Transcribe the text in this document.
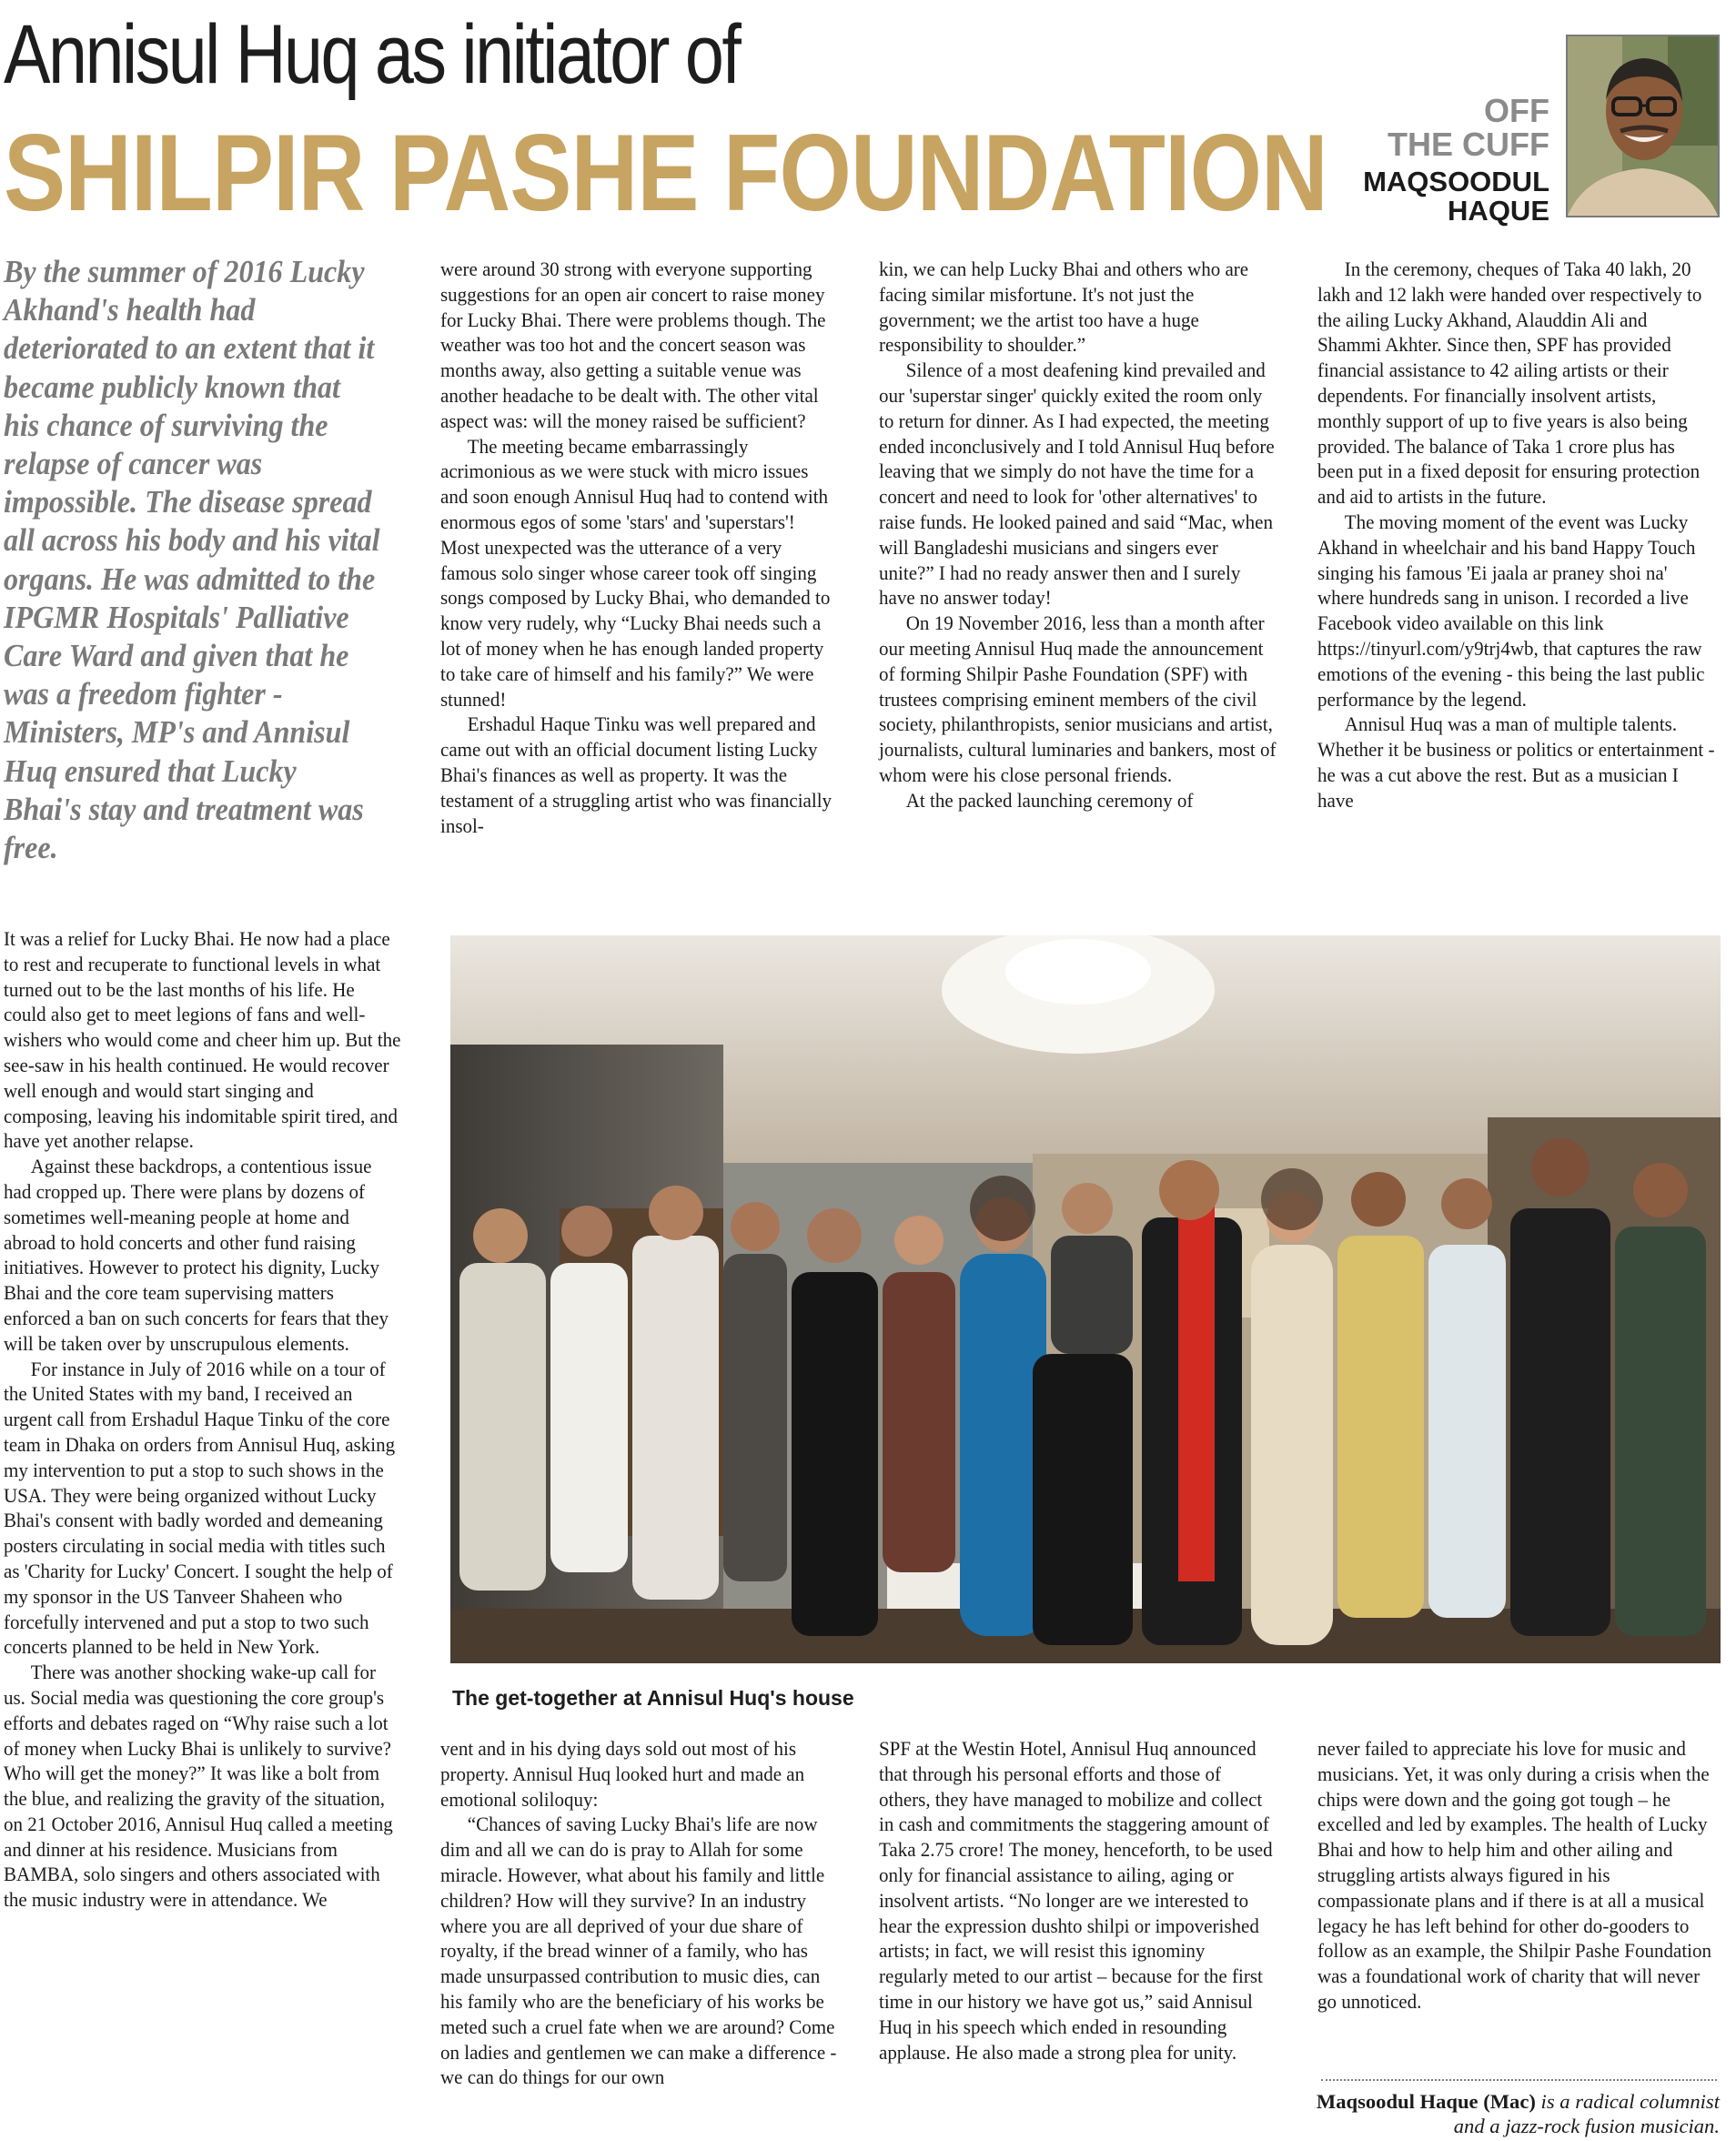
Annisul Huq as initiator of
SHILPIR PASHE FOUNDATION
OFF
THE CUFF
MAQSOODUL
HAQUE

By the summer of 2016 Lucky Akhand's health had deteriorated to an extent that it became publicly known that his chance of surviving the relapse of cancer was impossible. The disease spread all across his body and his vital organs. He was admitted to the IPGMR Hospitals' Palliative Care Ward and given that he was a freedom fighter - Ministers, MP's and Annisul Huq ensured that Lucky Bhai's stay and treatment was free.

It was a relief for Lucky Bhai. He now had a place to rest and recuperate to functional levels in what turned out to be the last months of his life. He could also get to meet legions of fans and well-wishers who would come and cheer him up. But the see-saw in his health continued. He would recover well enough and would start singing and composing, leaving his indomitable spirit tired, and have yet another relapse.

Against these backdrops, a contentious issue had cropped up. There were plans by dozens of sometimes well-meaning people at home and abroad to hold concerts and other fund raising initiatives. However to protect his dignity, Lucky Bhai and the core team supervising matters enforced a ban on such concerts for fears that they will be taken over by unscrupulous elements.

For instance in July of 2016 while on a tour of the United States with my band, I received an urgent call from Ershadul Haque Tinku of the core team in Dhaka on orders from Annisul Huq, asking my intervention to put a stop to such shows in the USA. They were being organized without Lucky Bhai's consent with badly worded and demeaning posters circulating in social media with titles such as 'Charity for Lucky' Concert. I sought the help of my sponsor in the US Tanveer Shaheen who forcefully intervened and put a stop to two such concerts planned to be held in New York.

There was another shocking wake-up call for us. Social media was questioning the core group's efforts and debates raged on “Why raise such a lot of money when Lucky Bhai is unlikely to survive? Who will get the money?” It was like a bolt from the blue, and realizing the gravity of the situation, on 21 October 2016, Annisul Huq called a meeting and dinner at his residence. Musicians from BAMBA, solo singers and others associated with the music industry were in attendance. We

were around 30 strong with everyone supporting suggestions for an open air concert to raise money for Lucky Bhai. There were problems though. The weather was too hot and the concert season was months away, also getting a suitable venue was another headache to be dealt with. The other vital aspect was: will the money raised be sufficient?

The meeting became embarrassingly acrimonious as we were stuck with micro issues and soon enough Annisul Huq had to contend with enormous egos of some 'stars' and 'superstars'! Most unexpected was the utterance of a very famous solo singer whose career took off singing songs composed by Lucky Bhai, who demanded to know very rudely, why “Lucky Bhai needs such a lot of money when he has enough landed property to take care of himself and his family?” We were stunned!

Ershadul Haque Tinku was well prepared and came out with an official document listing Lucky Bhai's finances as well as property. It was the testament of a struggling artist who was financially insol-

kin, we can help Lucky Bhai and others who are facing similar misfortune. It's not just the government; we the artist too have a huge responsibility to shoulder.”

Silence of a most deafening kind prevailed and our 'superstar singer' quickly exited the room only to return for dinner. As I had expected, the meeting ended inconclusively and I told Annisul Huq before leaving that we simply do not have the time for a concert and need to look for 'other alternatives' to raise funds. He looked pained and said “Mac, when will Bangladeshi musicians and singers ever unite?” I had no ready answer then and I surely have no answer today!

On 19 November 2016, less than a month after our meeting Annisul Huq made the announcement of forming Shilpir Pashe Foundation (SPF) with trustees comprising eminent members of the civil society, philanthropists, senior musicians and artist, journalists, cultural luminaries and bankers, most of whom were his close personal friends.

At the packed launching ceremony of

In the ceremony, cheques of Taka 40 lakh, 20 lakh and 12 lakh were handed over respectively to the ailing Lucky Akhand, Alauddin Ali and Shammi Akhter. Since then, SPF has provided financial assistance to 42 ailing artists or their dependents. For financially insolvent artists, monthly support of up to five years is also being provided. The balance of Taka 1 crore plus has been put in a fixed deposit for ensuring protection and aid to artists in the future.

The moving moment of the event was Lucky Akhand in wheelchair and his band Happy Touch singing his famous 'Ei jaala ar praney shoi na' where hundreds sang in unison. I recorded a live Facebook video available on this link https://tinyurl.com/y9trj4wb, that captures the raw emotions of the evening - this being the last public performance by the legend.

Annisul Huq was a man of multiple talents. Whether it be business or politics or entertainment - he was a cut above the rest. But as a musician I have

The get-together at Annisul Huq's house

vent and in his dying days sold out most of his property. Annisul Huq looked hurt and made an emotional soliloquy:

“Chances of saving Lucky Bhai's life are now dim and all we can do is pray to Allah for some miracle. However, what about his family and little children? How will they survive? In an industry where you are all deprived of your due share of royalty, if the bread winner of a family, who has made unsurpassed contribution to music dies, can his family who are the beneficiary of his works be meted such a cruel fate when we are around? Come on ladies and gentlemen we can make a difference - we can do things for our own

SPF at the Westin Hotel, Annisul Huq announced that through his personal efforts and those of others, they have managed to mobilize and collect in cash and commitments the staggering amount of Taka 2.75 crore! The money, henceforth, to be used only for financial assistance to ailing, aging or insolvent artists. “No longer are we interested to hear the expression dushto shilpi or impoverished artists; in fact, we will resist this ignominy regularly meted to our artist – because for the first time in our history we have got us,” said Annisul Huq in his speech which ended in resounding applause. He also made a strong plea for unity.

never failed to appreciate his love for music and musicians. Yet, it was only during a crisis when the chips were down and the going got tough – he excelled and led by examples. The health of Lucky Bhai and how to help him and other ailing and struggling artists always figured in his compassionate plans and if there is at all a musical legacy he has left behind for other do-gooders to follow as an example, the Shilpir Pashe Foundation was a foundational work of charity that will never go unnoticed.

Maqsoodul Haque (Mac) is a radical columnist and a jazz-rock fusion musician.
